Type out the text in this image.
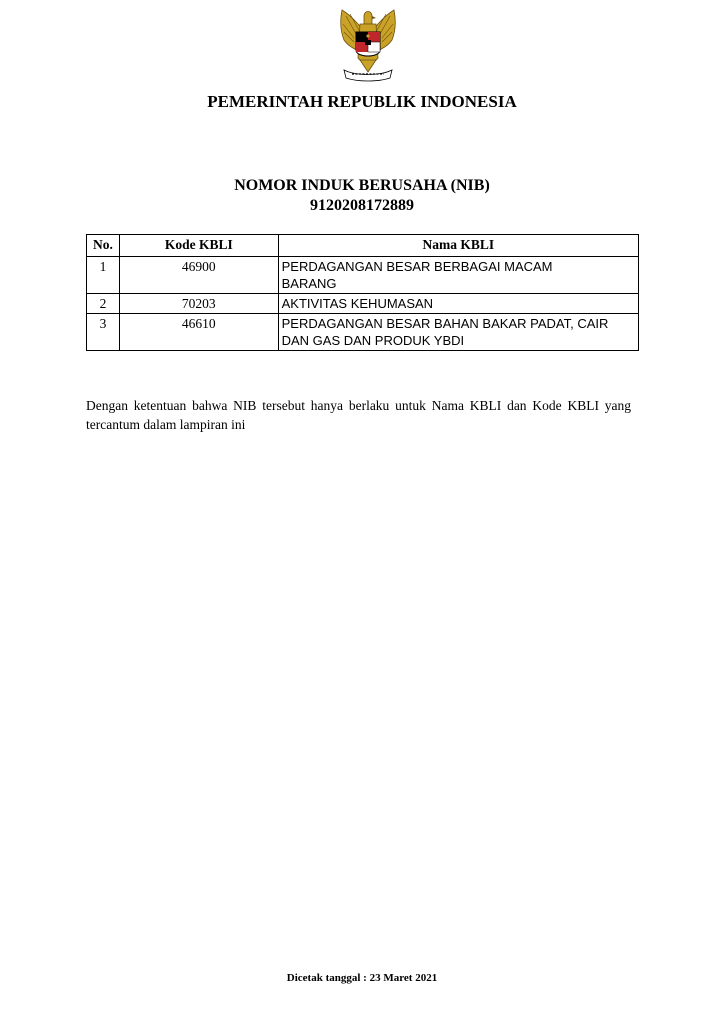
PEMERINTAH REPUBLIK INDONESIA
NOMOR INDUK BERUSAHA (NIB)
9120208172889
No.	Kode KBLI	Nama KBLI
1	46900	PERDAGANGAN BESAR BERBAGAI MACAM BARANG
2	70203	AKTIVITAS KEHUMASAN
3	46610	PERDAGANGAN BESAR BAHAN BAKAR PADAT, CAIR DAN GAS DAN PRODUK YBDI
Dengan ketentuan bahwa NIB tersebut hanya berlaku untuk Nama KBLI dan Kode KBLI yang tercantum dalam lampiran ini
Dicetak tanggal : 23 Maret 2021
